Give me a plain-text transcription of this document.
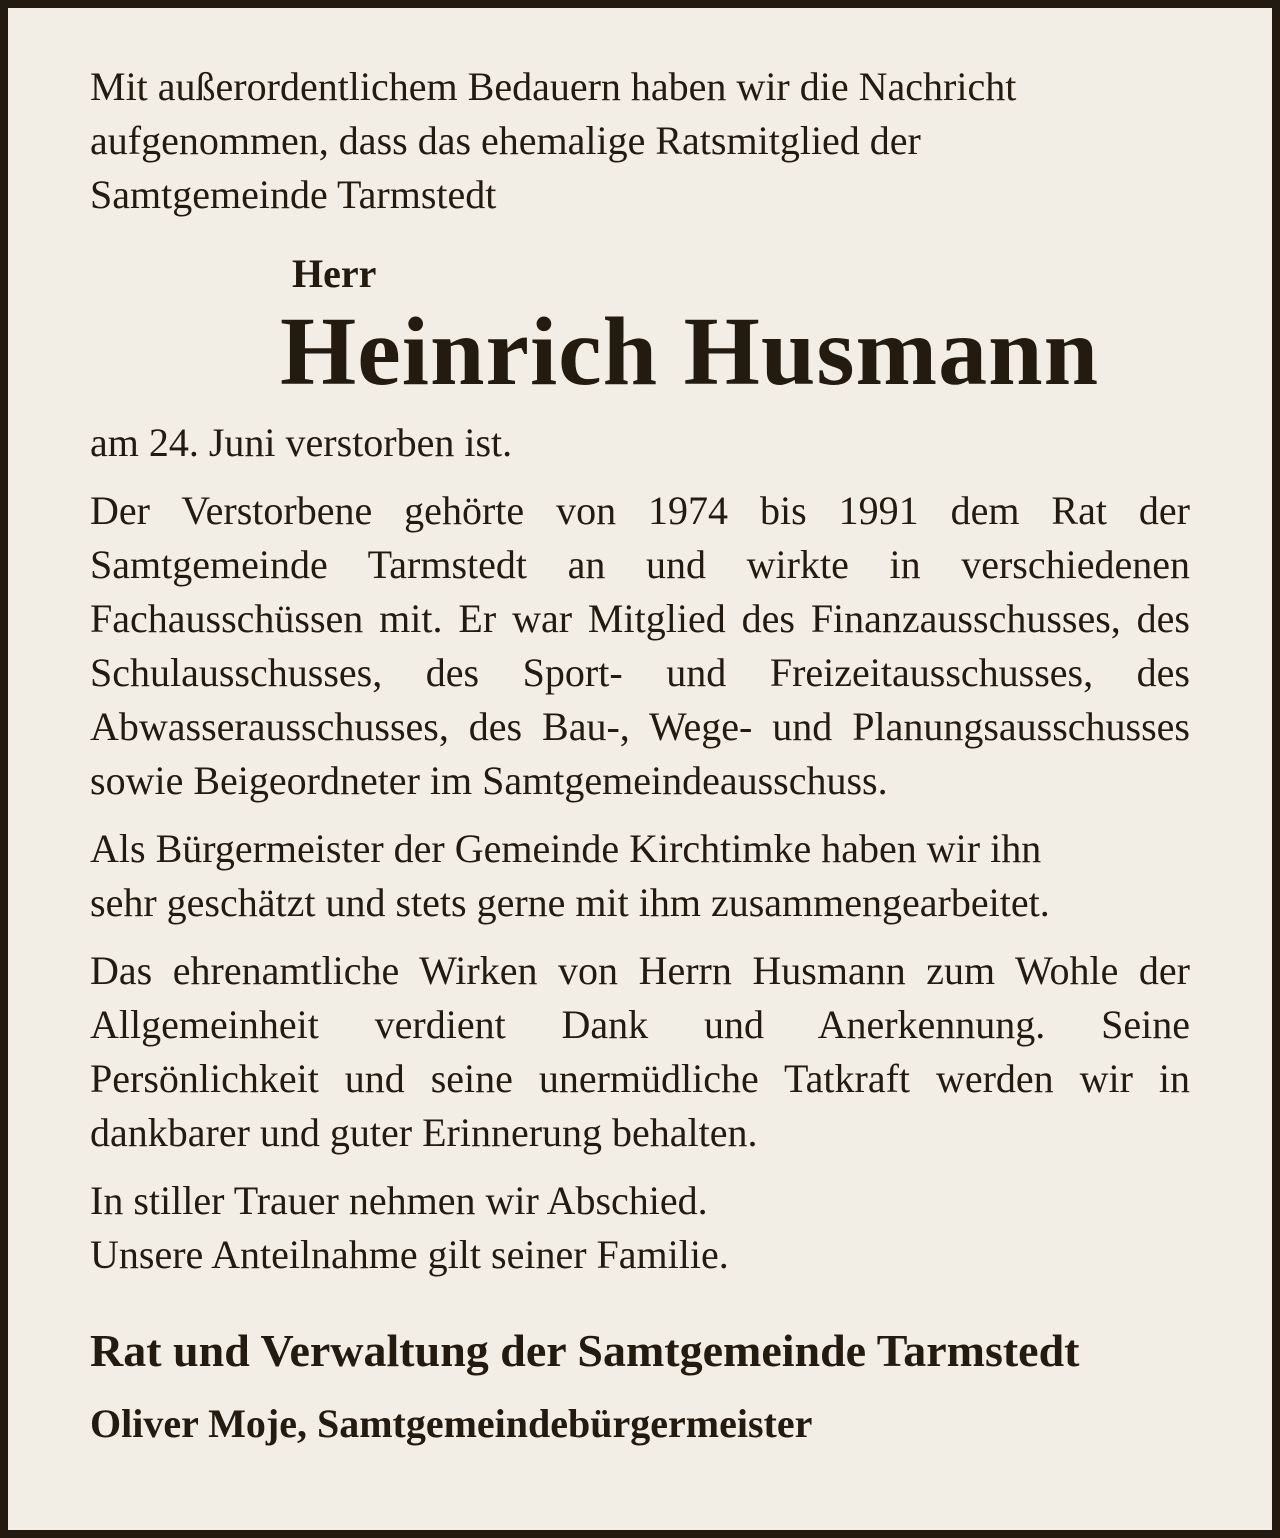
Mit außerordentlichem Bedauern haben wir die Nachricht
aufgenommen, dass das ehemalige Ratsmitglied der
Samtgemeinde Tarmstedt

Herr
Heinrich Husmann

am 24. Juni verstorben ist.

Der Verstorbene gehörte von 1974 bis 1991 dem Rat der Samtgemeinde Tarmstedt an und wirkte in verschiedenen Fachausschüssen mit. Er war Mitglied des Finanzausschusses, des Schulausschusses, des Sport- und Freizeitausschusses, des Abwasserausschusses, des Bau-, Wege- und Planungsausschusses sowie Beigeordneter im Samtgemeindeausschuss.

Als Bürgermeister der Gemeinde Kirchtimke haben wir ihn
sehr geschätzt und stets gerne mit ihm zusammengearbeitet.

Das ehrenamtliche Wirken von Herrn Husmann zum Wohle der Allgemeinheit verdient Dank und Anerkennung. Seine Persönlichkeit und seine unermüdliche Tatkraft werden wir in dankbarer und guter Erinnerung behalten.

In stiller Trauer nehmen wir Abschied.
Unsere Anteilnahme gilt seiner Familie.

Rat und Verwaltung der Samtgemeinde Tarmstedt
Oliver Moje, Samtgemeindebürgermeister
